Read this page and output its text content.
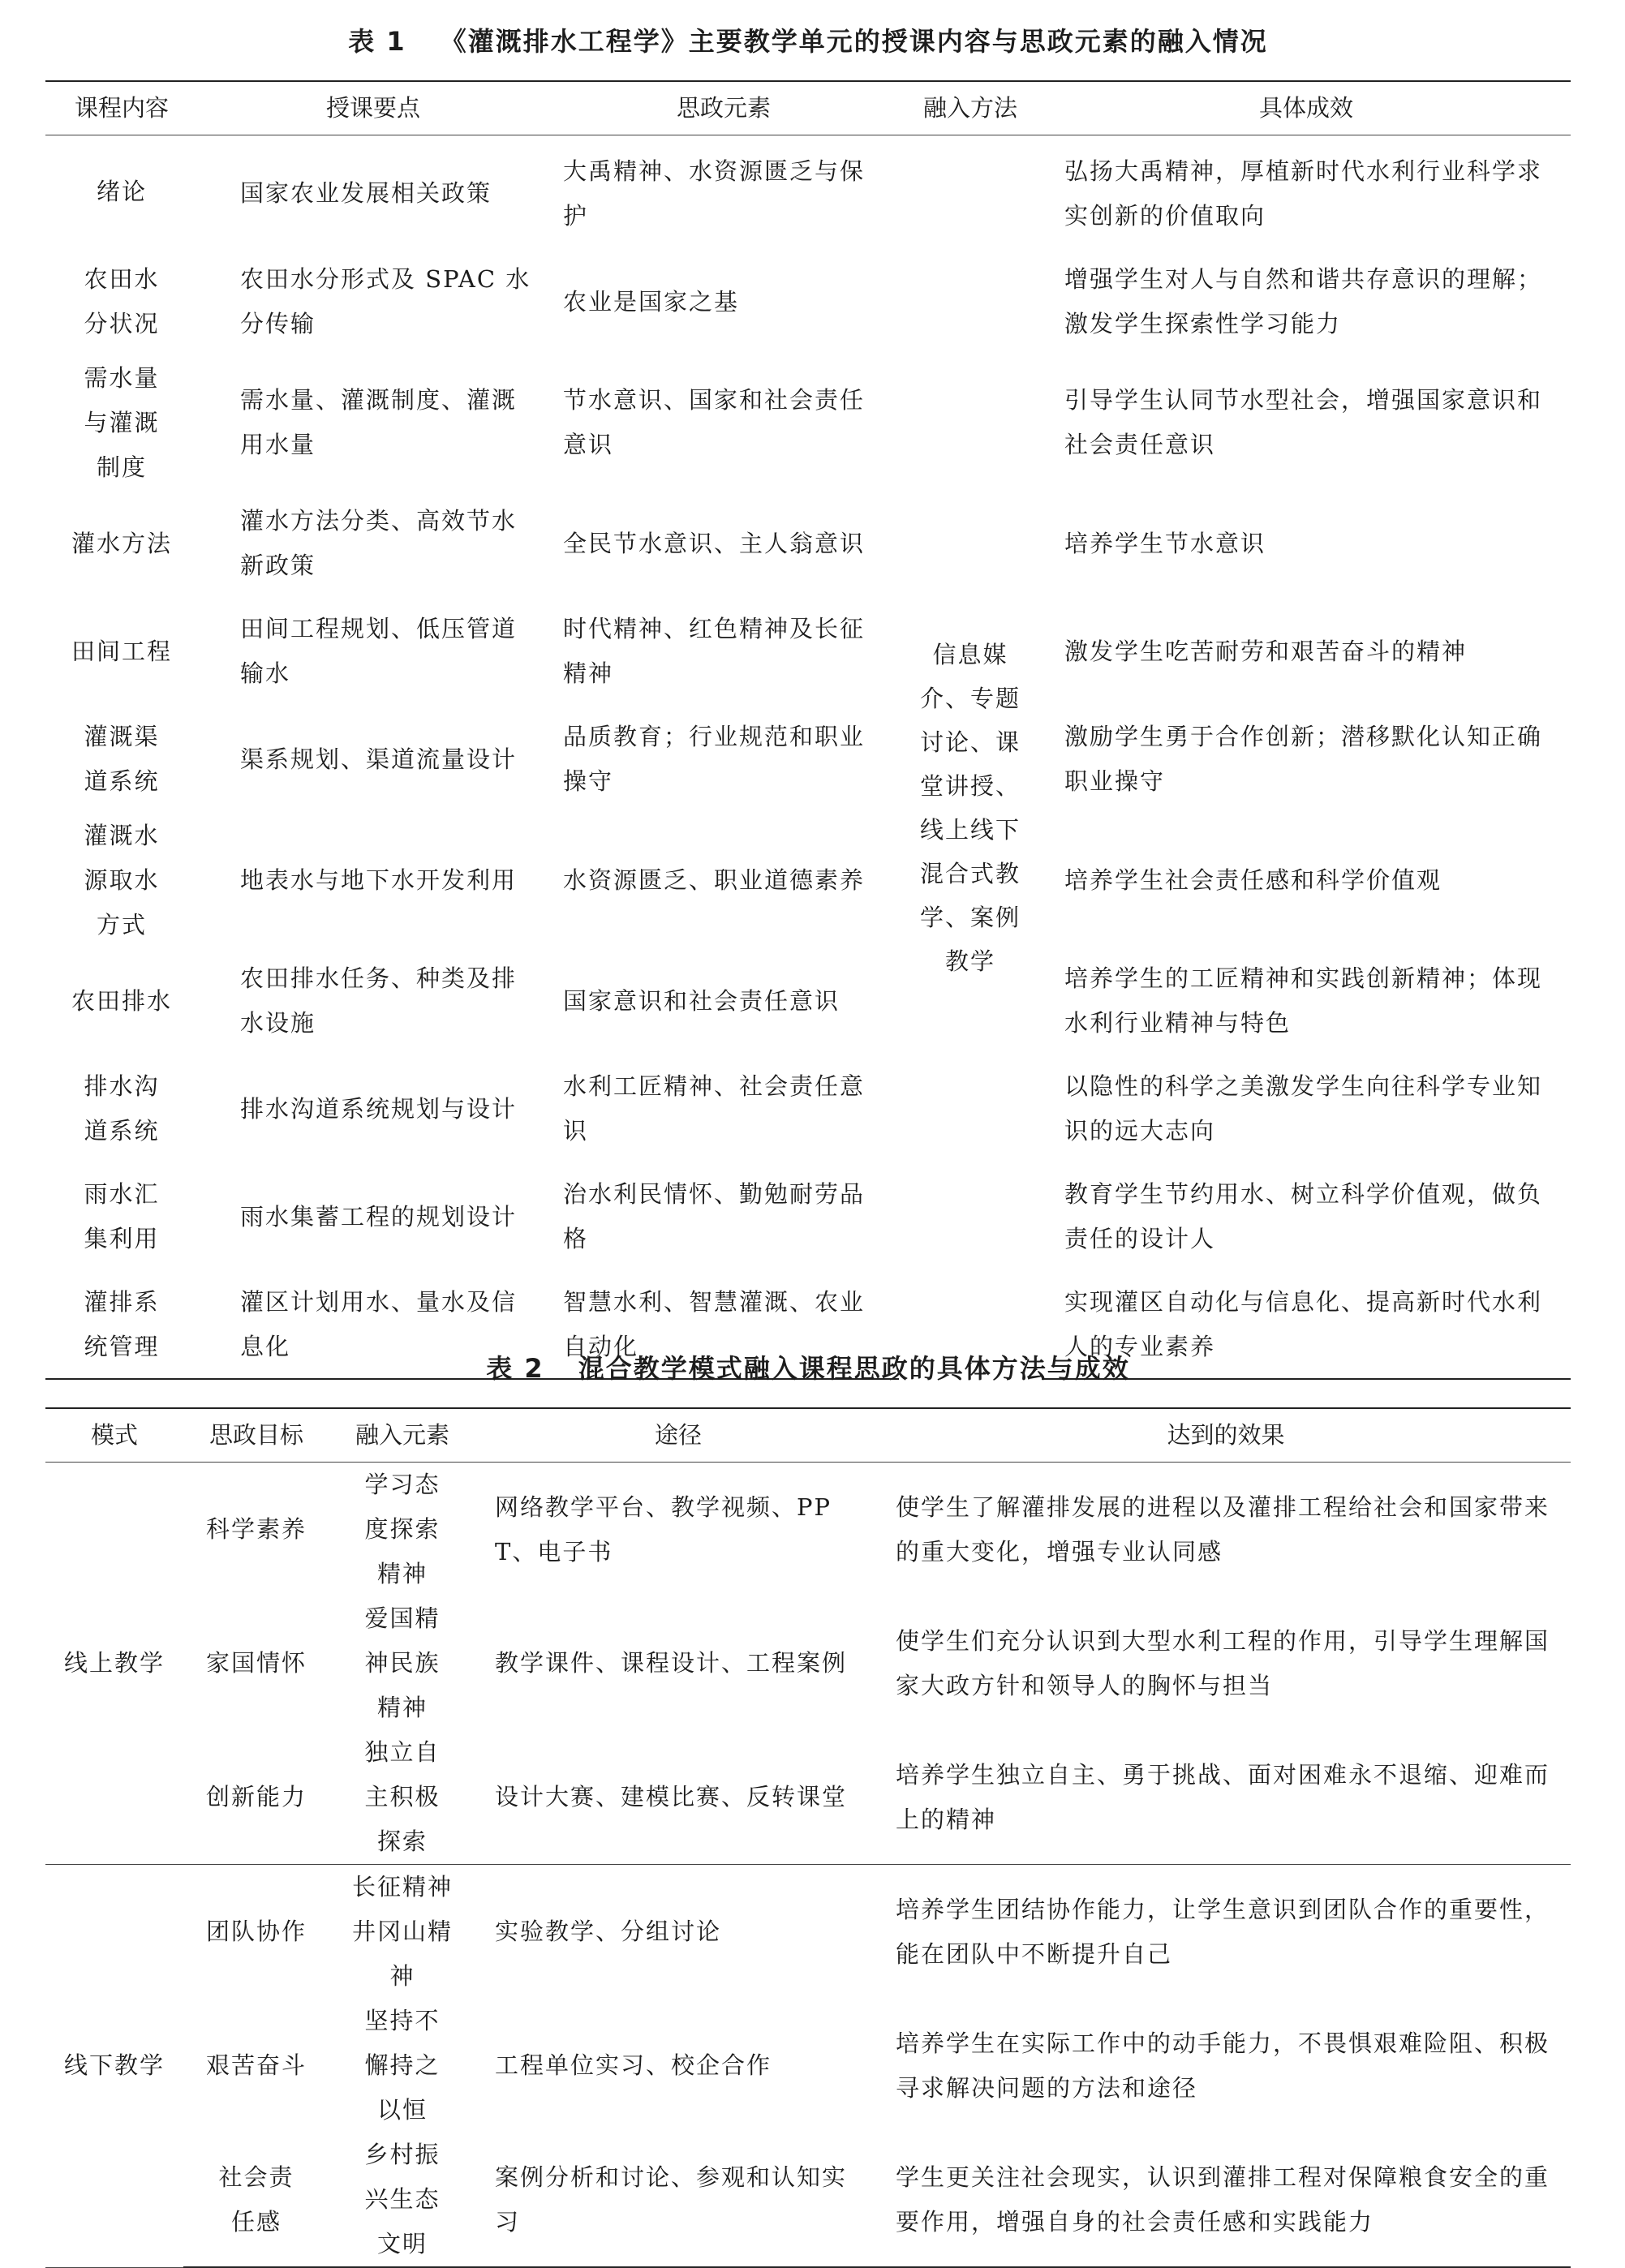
表 1 《灌溉排水工程学》主要教学单元的授课内容与思政元素的融入情况
课程内容	授课要点	思政元素	融入方法	具体成效
绪论	国家农业发展相关政策	大禹精神、水资源匮乏与保护	信息媒介、专题讨论、课堂讲授、线上线下混合式教学、案例教学	弘扬大禹精神，厚植新时代水利行业科学求实创新的价值取向
农田水分状况	农田水分形式及 SPAC 水分传输	农业是国家之基		增强学生对人与自然和谐共存意识的理解；激发学生探索性学习能力
需水量与灌溉制度	需水量、灌溉制度、灌溉用水量	节水意识、国家和社会责任意识		引导学生认同节水型社会，增强国家意识和社会责任意识
灌水方法	灌水方法分类、高效节水新政策	全民节水意识、主人翁意识		培养学生节水意识
田间工程	田间工程规划、低压管道输水	时代精神、红色精神及长征精神		激发学生吃苦耐劳和艰苦奋斗的精神
灌溉渠道系统	渠系规划、渠道流量设计	品质教育；行业规范和职业操守		激励学生勇于合作创新；潜移默化认知正确职业操守
灌溉水源取水方式	地表水与地下水开发利用	水资源匮乏、职业道德素养		培养学生社会责任感和科学价值观
农田排水	农田排水任务、种类及排水设施	国家意识和社会责任意识		培养学生的工匠精神和实践创新精神；体现水利行业精神与特色
排水沟道系统	排水沟道系统规划与设计	水利工匠精神、社会责任意识		以隐性的科学之美激发学生向往科学专业知识的远大志向
雨水汇集利用	雨水集蓄工程的规划设计	治水利民情怀、勤勉耐劳品格		教育学生节约用水、树立科学价值观，做负责任的设计人
灌排系统管理	灌区计划用水、量水及信息化	智慧水利、智慧灌溉、农业自动化		实现灌区自动化与信息化、提高新时代水利人的专业素养
表 2 混合教学模式融入课程思政的具体方法与成效
模式	思政目标	融入元素	途径	达到的效果
线上教学	科学素养	学习态度探索精神	网络教学平台、教学视频、PPT、电子书	使学生了解灌排发展的进程以及灌排工程给社会和国家带来的重大变化，增强专业认同感
	家国情怀	爱国精神民族精神	教学课件、课程设计、工程案例	使学生们充分认识到大型水利工程的作用，引导学生理解国家大政方针和领导人的胸怀与担当
	创新能力	独立自主积极探索	设计大赛、建模比赛、反转课堂	培养学生独立自主、勇于挑战、面对困难永不退缩、迎难而上的精神
线下教学	团队协作	长征精神井冈山精神	实验教学、分组讨论	培养学生团结协作能力，让学生意识到团队合作的重要性，能在团队中不断提升自己
	艰苦奋斗	坚持不懈持之以恒	工程单位实习、校企合作	培养学生在实际工作中的动手能力，不畏惧艰难险阻、积极寻求解决问题的方法和途径
	社会责任感	乡村振兴生态文明	案例分析和讨论、参观和认知实习	学生更关注社会现实，认识到灌排工程对保障粮食安全的重要作用，增强自身的社会责任感和实践能力
